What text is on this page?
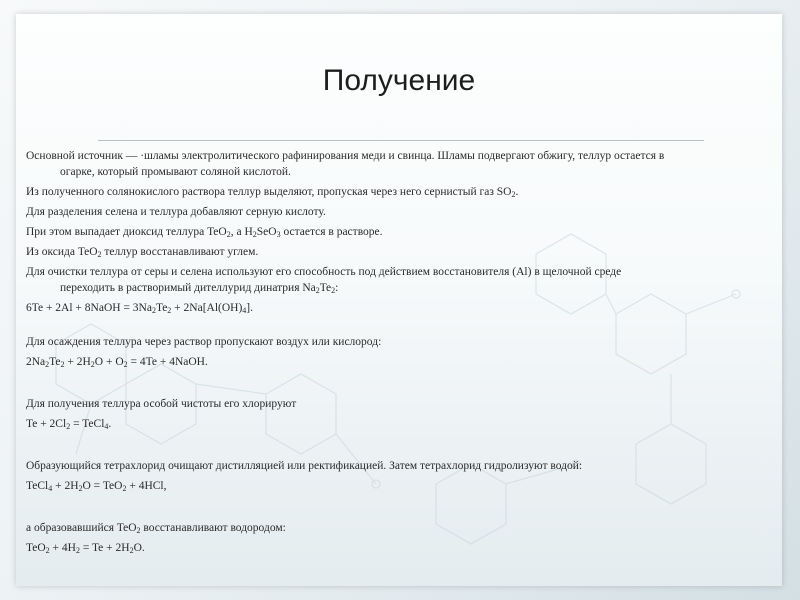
Получение
Основной источник — ·шламы электролитического рафинирования меди и свинца. Шламы подвергают обжигу, теллур остается в
огарке, который промывают соляной кислотой.
Из полученного солянокислого раствора теллур выделяют, пропуская через него сернистый газ $SO_2$.
Для разделения селена и теллура добавляют серную кислоту.
При этом выпадает диоксид теллура TeO$_2$, а $H_2SeO_3$ остается в растворе.
Из оксида TeO$_2$ теллур восстанавливают углем.
Для очистки теллура от серы и селена используют его способность под действием восстановителя (Al) в щелочной среде
переходить в растворимый дителлурид динатрия $Na_2Te_2$:
6Te + 2Al + 8NaOH = $3Na_2Te_2 + 2Na[Al(OH)_4]$.
Для осаждения теллура через раствор пропускают воздух или кислород:
$2Na_2Te_2 + 2H_2O + O_2 = 4Te$ + 4NaOH.
Для получения теллура особой чистоты его хлорируют
$Te + 2Cl_2$ = TeCl$_4$.
Образующийся тетрахлорид очищают дистилляцией или ректификацией. Затем тетрахлорид гидролизуют водой:
TeCl$_4$ + $2H_2O = TeO_2 + 4HCl$,
а образовавшийся TeO$_2$ восстанавливают водородом:
$TeO_2 + 4H_2 = Te + 2H_2O$.
